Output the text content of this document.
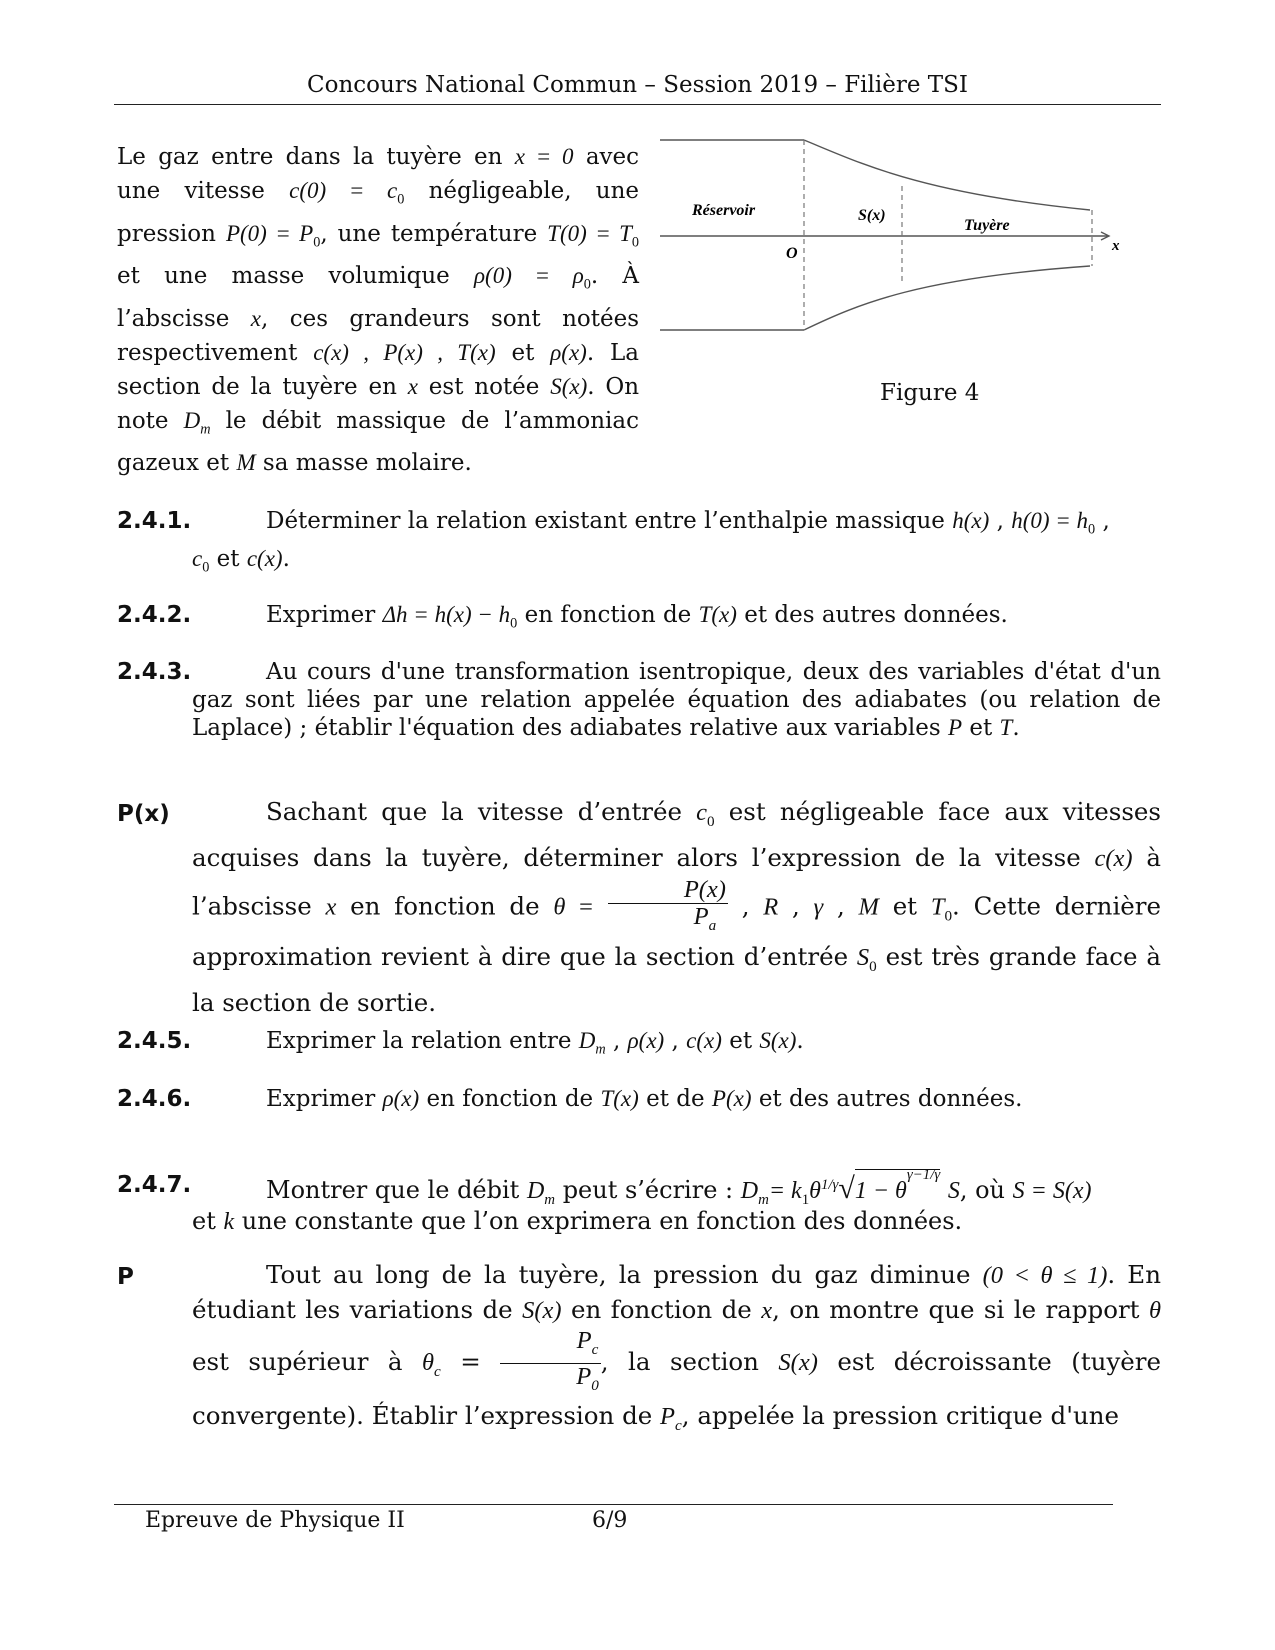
Concours National Commun – Session 2019 – Filière TSI
Le gaz entre dans la tuyère en x = 0 avec une vitesse $c(0) = c_0$ négligeable, une pression $P(0) = P_0$, une température $T(0) = T_0$ et une masse volumique $\rho(0) = \rho_0$. À l’abscisse x, ces grandeurs sont notées respectivement c(x) , P(x) , T(x) et ρ(x). La section de la tuyère en x est notée S(x). On note $D_m$ le débit massique de l’ammoniac gazeux et M sa masse molaire.
Réservoir	S(x)
Tuyère
O	x
Figure 4
2.4.1.	Déterminer la relation existant entre l’enthalpie massique h(x) , $h(0) = h_0$ ,
$c_0$ et c(x).
2.4.2.	Exprimer $\Delta h = h(x) - h_0$ en fonction de T(x) et des autres données.
2.4.3.	Au cours d'une transformation isentropique, deux des variables d'état d'un gaz sont liées par une relation appelée équation des adiabates (ou relation de Laplace) ; établir l'équation des adiabates relative aux variables P et T.
P(x)	Sachant que la vitesse d’entrée $c_0$ est négligeable face aux vitesses acquises dans la tuyère, déterminer alors l’expression de la vitesse c(x) à l’abscisse x en fonction de $\theta = \frac{P(x)}{P_a}$ , R , γ , M et $T_0$. Cette dernière approximation revient à dire que la section d’entrée $S_0$ est très grande face à la section de sortie.
2.4.5.	Exprimer la relation entre $D_m$ , ρ(x) , c(x) et S(x).
2.4.6.	Exprimer ρ(x) en fonction de T(x) et de P(x) et des autres données.
2.4.7.	Montrer que le débit $D_m$ peut s’écrire : $D_m= k_1\theta^{1/\gamma}√1 - \theta^{\gamma-1/\gamma}$ S, où S = S(x)
et k une constante que l’on exprimera en fonction des données.
P	Tout au long de la tuyère, la pression du gaz diminue (0 < θ ≤ 1). En étudiant les variations de S(x) en fonction de x, on montre que si le rapport θ est supérieur à $\theta_c = \frac{P_c}{P_0}$ , la section S(x) est décroissante (tuyère convergente). Établir l’expression de $P_c$, appelée la pression critique d'une
Epreuve de Physique II	6/9
